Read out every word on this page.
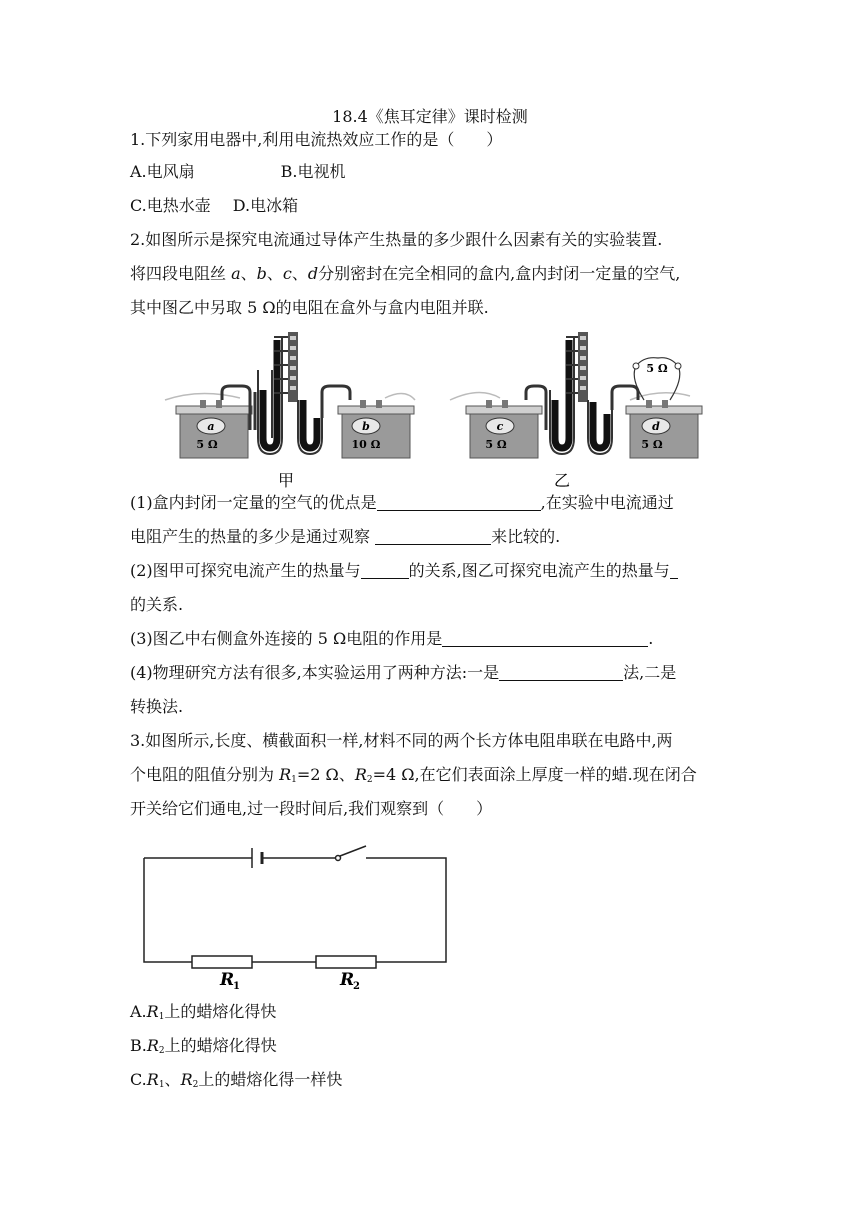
18.4《焦耳定律》课时检测
1.下列家用电器中,利用电流热效应工作的是（　　）
A.电风扇	B.电视机
C.电热水壶 D.电冰箱
2.如图所示是探究电流通过导体产生热量的多少跟什么因素有关的实验装置.
将四段电阻丝 a、b、c、d分别密封在完全相同的盒内,盒内封闭一定量的空气,
其中图乙中另取 5 Ω的电阻在盒外与盒内电阻并联.
a
5 Ω
b
10 Ω
甲
c
5 Ω
d
5 Ω
5 Ω
乙
(1)盒内封闭一定量的空气的优点是	,在实验中电流通过
电阻产生的热量的多少是通过观察	来比较的.
(2)图甲可探究电流产生的热量与	的关系,图乙可探究电流产生的热量与
的关系.
(3)图乙中右侧盒外连接的 5 Ω电阻的作用是	.
(4)物理研究方法有很多,本实验运用了两种方法:一是	法,二是
转换法.
3.如图所示,长度、横截面积一样,材料不同的两个长方体电阻串联在电路中,两
个电阻的阻值分别为 $R_1=2$ Ω、$R_2=4$ Ω,在它们表面涂上厚度一样的蜡.现在闭合
开关给它们通电,过一段时间后,我们观察到（　　）
R
1	R
2
$A.R_1$上的蜡熔化得快
$B.R_2$上的蜡熔化得快
$C.R_1$、$R_2$上的蜡熔化得一样快
